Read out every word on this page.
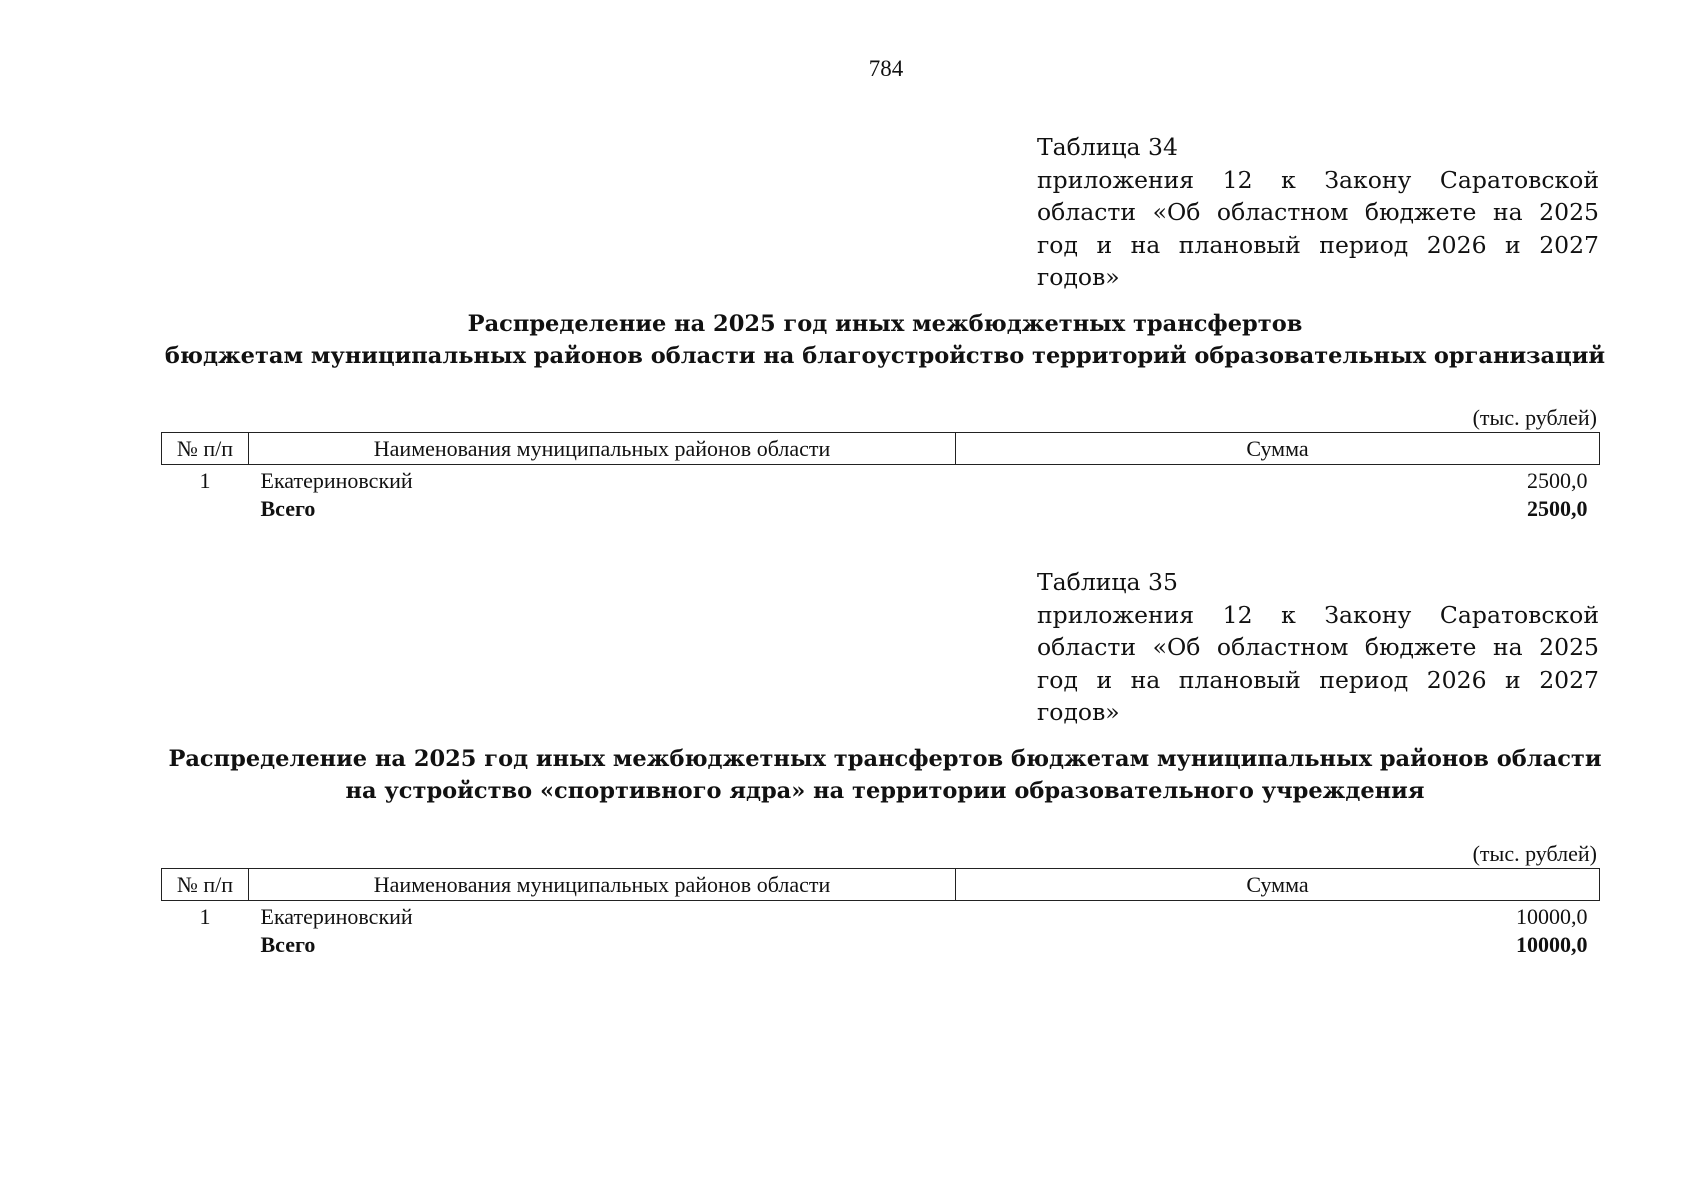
784
Таблица 34
приложения 12 к Закону Саратовской области «Об областном бюджете на 2025 год и на плановый период 2026 и 2027 годов»
Распределение на 2025 год иных межбюджетных трансфертов
бюджетам муниципальных районов области на благоустройство территорий образовательных организаций
(тыс. рублей)
№ п/п	Наименования муниципальных районов области	Сумма
1	Екатериновский	2500,0
	Всего	2500,0
Таблица 35
приложения 12 к Закону Саратовской области «Об областном бюджете на 2025 год и на плановый период 2026 и 2027 годов»
Распределение на 2025 год иных межбюджетных трансфертов бюджетам муниципальных районов области
на устройство «спортивного ядра» на территории образовательного учреждения
(тыс. рублей)
№ п/п	Наименования муниципальных районов области	Сумма
1	Екатериновский	10000,0
	Всего	10000,0
